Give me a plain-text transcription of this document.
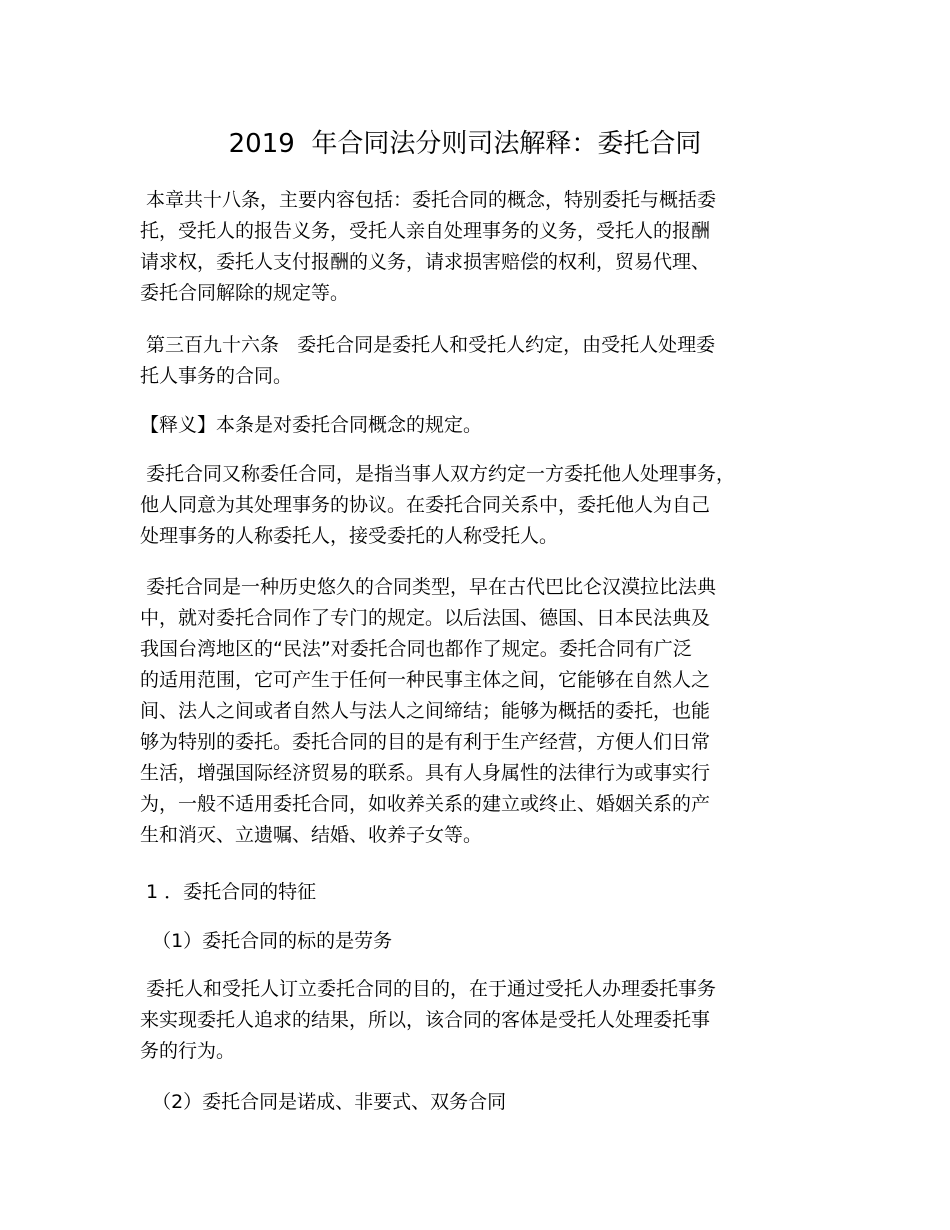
2019  年合同法分则司法解释：委托合同
本章共十八条，主要内容包括：委托合同的概念，特别委托与概括委
托，受托人的报告义务，受托人亲自处理事务的义务，受托人的报酬
请求权，委托人支付报酬的义务，请求损害赔偿的权利，贸易代理、
委托合同解除的规定等。
第三百九十六条   委托合同是委托人和受托人约定，由受托人处理委
托人事务的合同。
【释义】本条是对委托合同概念的规定。
委托合同又称委任合同，是指当事人双方约定一方委托他人处理事务，
他人同意为其处理事务的协议。在委托合同关系中，委托他人为自己
处理事务的人称委托人，接受委托的人称受托人。
委托合同是一种历史悠久的合同类型，早在古代巴比仑汉漠拉比法典
中，就对委托合同作了专门的规定。以后法国、德国、日本民法典及
我国台湾地区的“民法”对委托合同也都作了规定。委托合同有广泛
的适用范围，它可产生于任何一种民事主体之间，它能够在自然人之
间、法人之间或者自然人与法人之间缔结；能够为概括的委托，也能
够为特别的委托。委托合同的目的是有利于生产经营，方便人们日常
生活，增强国际经济贸易的联系。具有人身属性的法律行为或事实行
为，一般不适用委托合同，如收养关系的建立或终止、婚姻关系的产
生和消灭、立遗嘱、结婚、收养子女等。
1 ．委托合同的特征
（1）委托合同的标的是劳务
委托人和受托人订立委托合同的目的，在于通过受托人办理委托事务
来实现委托人追求的结果，所以，该合同的客体是受托人处理委托事
务的行为。
（2）委托合同是诺成、非要式、双务合同
